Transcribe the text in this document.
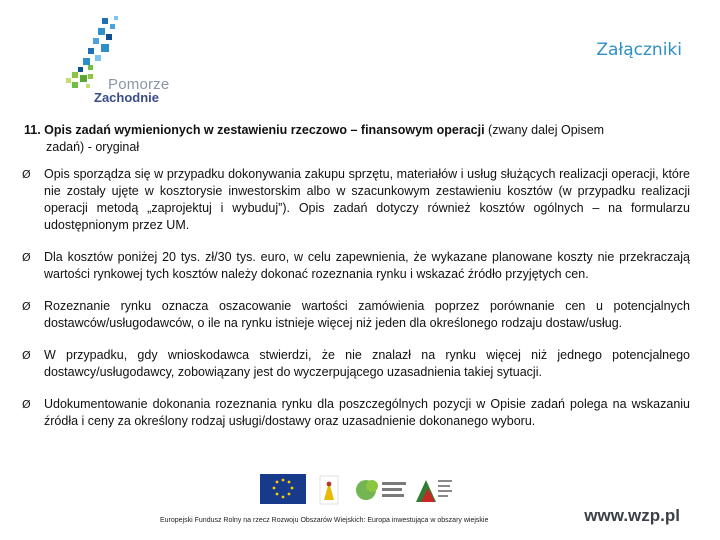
Pomorze
Zachodnie
Załączniki
11. Opis zadań wymienionych w zestawieniu rzeczowo – finansowym operacji (zwany dalej Opisem
zadań) - oryginał
Ø Opis sporządza się w przypadku dokonywania zakupu sprzętu, materiałów i usług służących realizacji operacji, które nie zostały ujęte w kosztorysie inwestorskim albo w szacunkowym zestawieniu kosztów (w przypadku realizacji operacji metodą „zaprojektuj i wybuduj”). Opis zadań dotyczy również kosztów ogólnych – na formularzu udostępnionym przez UM.
Ø Dla kosztów poniżej 20 tys. zł/30 tys. euro, w celu zapewnienia, że wykazane planowane koszty nie przekraczają wartości rynkowej tych kosztów należy dokonać rozeznania rynku i wskazać źródło przyjętych cen.
Ø Rozeznanie rynku oznacza oszacowanie wartości zamówienia poprzez porównanie cen u potencjalnych dostawców/usługodawców, o ile na rynku istnieje więcej niż jeden dla określonego rodzaju dostaw/usług.
Ø W przypadku, gdy wnioskodawca stwierdzi, że nie znalazł na rynku więcej niż jednego potencjalnego dostawcy/usługodawcy, zobowiązany jest do wyczerpującego uzasadnienia takiej sytuacji.
Ø Udokumentowanie dokonania rozeznania rynku dla poszczególnych pozycji w Opisie zadań polega na wskazaniu źródła i ceny za określony rodzaj usługi/dostawy oraz uzasadnienie dokonanego wyboru.
Europejski Fundusz Rolny na rzecz Rozwoju Obszarów Wiejskich: Europa inwestująca w obszary wiejskie	www.wzp.pl
